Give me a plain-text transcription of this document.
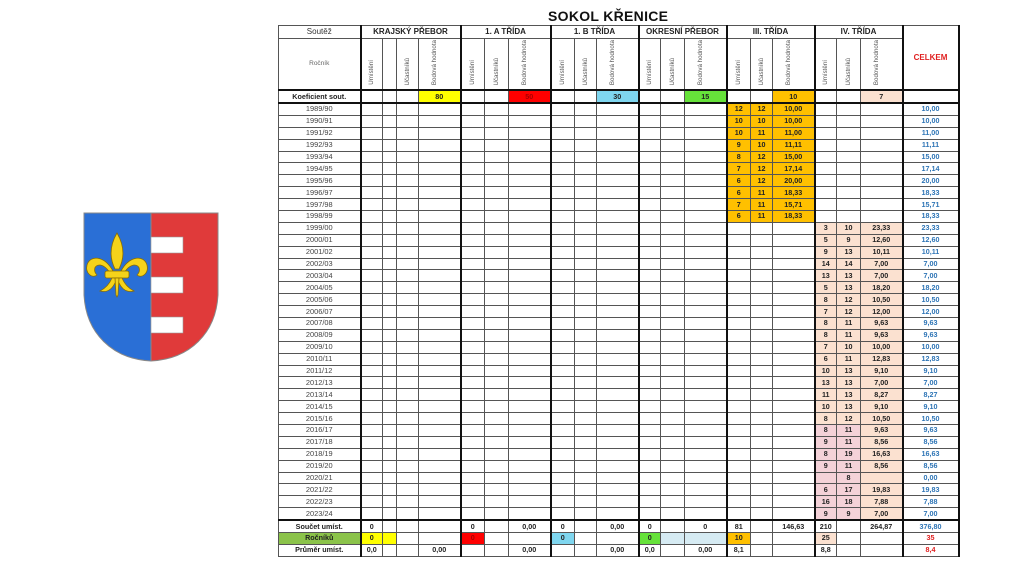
SOKOL KŘENICE
Soutěž	KRAJSKÝ PŘEBOR				1. A TŘÍDA			1. B TŘÍDA			OKRESNÍ PŘEBOR			III. TŘÍDA			IV. TŘÍDA			CELKEM
Ročník	Umístění		Účastníků	Bodová hodnota	Umístění	Účastníků	Bodová hodnota	Umístění	Účastníků	Bodová hodnota	Umístění	Účastníků	Bodová hodnota	Umístění	Účastníků	Bodová hodnota	Umístění	Účastníků	Bodová hodnota	
Koeficient sout.				80			50			30			15			10			7	
1989/90														12	12	10,00				10,00
1990/91														10	10	10,00				10,00
1991/92														10	11	11,00				11,00
1992/93														9	10	11,11				11,11
1993/94														8	12	15,00				15,00
1994/95														7	12	17,14				17,14
1995/96														6	12	20,00				20,00
1996/97														6	11	18,33				18,33
1997/98														7	11	15,71				15,71
1998/99														6	11	18,33				18,33
1999/00																	3	10	23,33	23,33
2000/01																	5	9	12,60	12,60
2001/02																	9	13	10,11	10,11
2002/03																	14	14	7,00	7,00
2003/04																	13	13	7,00	7,00
2004/05																	5	13	18,20	18,20
2005/06																	8	12	10,50	10,50
2006/07																	7	12	12,00	12,00
2007/08																	8	11	9,63	9,63
2008/09																	8	11	9,63	9,63
2009/10																	7	10	10,00	10,00
2010/11																	6	11	12,83	12,83
2011/12																	10	13	9,10	9,10
2012/13																	13	13	7,00	7,00
2013/14																	11	13	8,27	8,27
2014/15																	10	13	9,10	9,10
2015/16																	8	12	10,50	10,50
2016/17																	8	11	9,63	9,63
2017/18																	9	11	8,56	8,56
2018/19																	8	19	16,63	16,63
2019/20																	9	11	8,56	8,56
2020/21																		8		0,00
2021/22																	6	17	19,83	19,83
2022/23																	16	18	7,88	7,88
2023/24																	9	9	7,00	7,00
Součet umíst.	0				0		0,00	0		0,00	0		0	81		146,63	210		264,87	376,80
Ročníků	0				0			0			0			10			25			35
Průměr umíst.	0,0			0,00			0,00			0,00	0,0		0,00	8,1			8,8			8,4
